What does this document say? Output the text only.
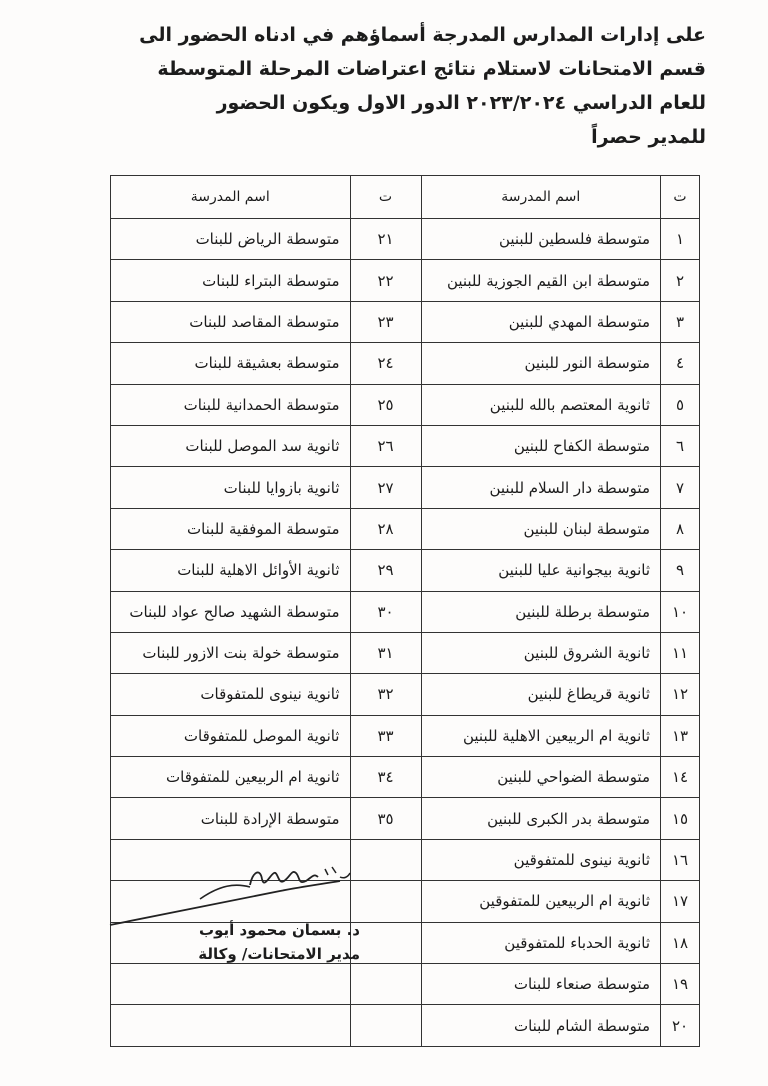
على إدارات المدارس المدرجة أسماؤهم في ادناه الحضور الى

قسم الامتحانات لاستلام نتائج اعتراضات المرحلة المتوسطة

للعام الدراسي ٢٠٢٣/٢٠٢٤ الدور الاول ويكون الحضور

للمدير حصراً

ت	اسم المدرسة	ت	اسم المدرسة
١	متوسطة فلسطين للبنين	٢١	متوسطة الرياض للبنات
٢	متوسطة ابن القيم الجوزية للبنين	٢٢	متوسطة البتراء للبنات
٣	متوسطة المهدي للبنين	٢٣	متوسطة المقاصد للبنات
٤	متوسطة النور للبنين	٢٤	متوسطة بعشيقة للبنات
٥	ثانوية المعتصم بالله للبنين	٢٥	متوسطة الحمدانية للبنات
٦	متوسطة الكفاح للبنين	٢٦	ثانوية سد الموصل للبنات
٧	متوسطة دار السلام للبنين	٢٧	ثانوية بازوايا للبنات
٨	متوسطة لبنان للبنين	٢٨	متوسطة الموفقية للبنات
٩	ثانوية بيجوانية عليا للبنين	٢٩	ثانوية الأوائل الاهلية للبنات
١٠	متوسطة برطلة للبنين	٣٠	متوسطة الشهيد صالح عواد للبنات
١١	ثانوية الشروق للبنين	٣١	متوسطة خولة بنت الازور للبنات
١٢	ثانوية قريطاغ للبنين	٣٢	ثانوية نينوى للمتفوقات
١٣	ثانوية ام الربيعين الاهلية للبنين	٣٣	ثانوية الموصل للمتفوقات
١٤	متوسطة الضواحي للبنين	٣٤	ثانوية ام الربيعين للمتفوقات
١٥	متوسطة بدر الكبرى للبنين	٣٥	متوسطة الإرادة للبنات
١٦	ثانوية نينوى للمتفوقين		
١٧	ثانوية ام الربيعين للمتفوقين		
١٨	ثانوية الحدباء للمتفوقين		
١٩	متوسطة صنعاء للبنات		
٢٠	متوسطة الشام للبنات		
د. بسمان محمود أيوب
مدير الامتحانات/ وكالة
